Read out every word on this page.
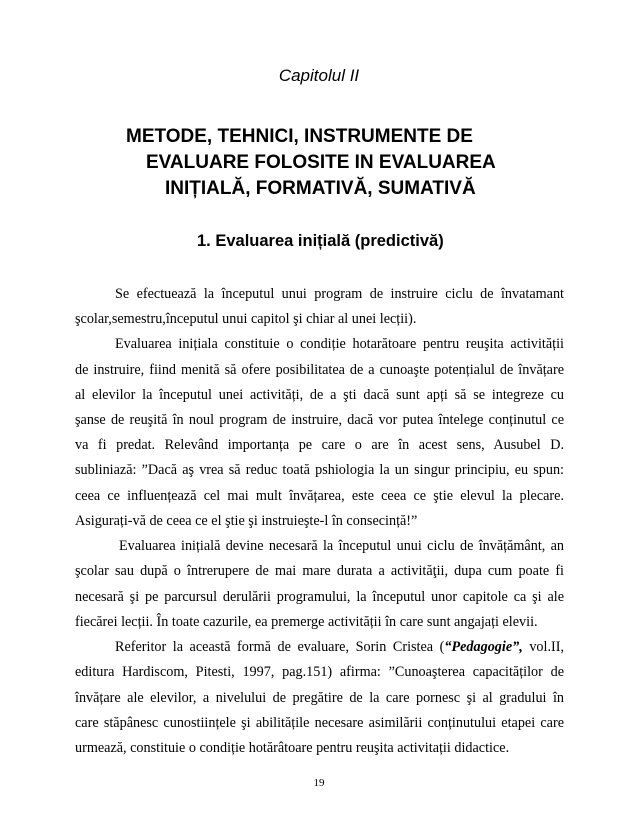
Capitolul II
METODE, TEHNICI, INSTRUMENTE DE
EVALUARE FOLOSITE IN EVALUAREA
INIȚIALĂ, FORMATIVĂ, SUMATIVĂ
1. Evaluarea inițială (predictivă)
Se efectuează la începutul unui program de instruire ciclu de învatamant
şcolar,semestru,începutul unui capitol şi chiar al unei lecții).
Evaluarea inițiala constituie o condiție hotarătoare pentru reuşita activității
de instruire, fiind menită să ofere posibilitatea de a cunoaşte potențialul de învățare
al elevilor la începutul unei activități, de a şti dacă sunt apți să se integreze cu
şanse de reuşită în noul program de instruire, dacă vor putea întelege conținutul ce
va fi predat. Relevând importanța pe care o are în acest sens, Ausubel D.
subliniază: ”Dacă aş vrea să reduc toată pshiologia la un singur principiu, eu spun:
ceea ce influențează cel mai mult învățarea, este ceea ce ştie elevul la plecare.
Asigurați-vă de ceea ce el ştie şi instruieşte-l în consecință!”
Evaluarea inițială devine necesară la începutul unui ciclu de învățământ, an
şcolar sau după o întrerupere de mai mare durata a activităţii, dupa cum poate fi
necesară şi pe parcursul derulării programului, la începutul unor capitole ca şi ale
fiecărei lecții. În toate cazurile, ea premerge activității în care sunt angajați elevii.
Referitor la această formă de evaluare, Sorin Cristea (“Pedagogie”, vol.II,
editura Hardiscom, Pitesti, 1997, pag.151) afirma: ”Cunoaşterea capacităților de
învățare ale elevilor, a nivelului de pregătire de la care pornesc şi al gradului în
care stăpânesc cunostiințele şi abilitățile necesare asimilării conținutului etapei care
urmează, constituie o condiție hotărâtoare pentru reuşita activitații didactice.
19
